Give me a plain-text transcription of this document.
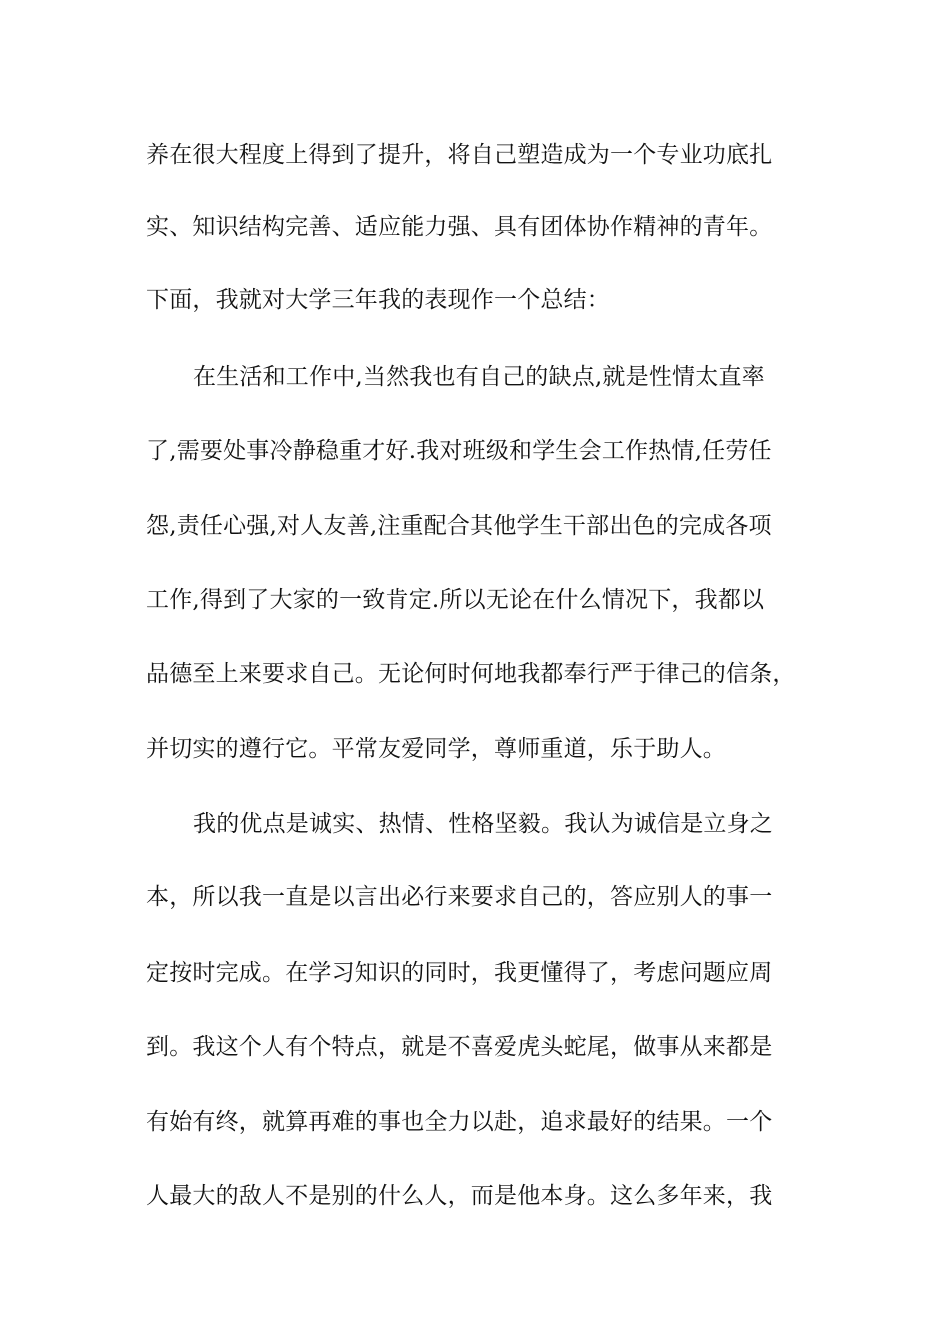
养在很大程度上得到了提升，将自己塑造成为一个专业功底扎
实、知识结构完善、适应能力强、具有团体协作精神的青年。
下面，我就对大学三年我的表现作一个总结：
在生活和工作中,当然我也有自己的缺点,就是性情太直率
了,需要处事冷静稳重才好.我对班级和学生会工作热情,任劳任
怨,责任心强,对人友善,注重配合其他学生干部出色的完成各项
工作,得到了大家的一致肯定.所以无论在什么情况下，我都以
品德至上来要求自己。无论何时何地我都奉行严于律己的信条，
并切实的遵行它。平常友爱同学，尊师重道，乐于助人。
我的优点是诚实、热情、性格坚毅。我认为诚信是立身之
本，所以我一直是以言出必行来要求自己的，答应别人的事一
定按时完成。在学习知识的同时，我更懂得了，考虑问题应周
到。我这个人有个特点，就是不喜爱虎头蛇尾，做事从来都是
有始有终，就算再难的事也全力以赴，追求最好的结果。一个
人最大的敌人不是别的什么人，而是他本身。这么多年来，我
